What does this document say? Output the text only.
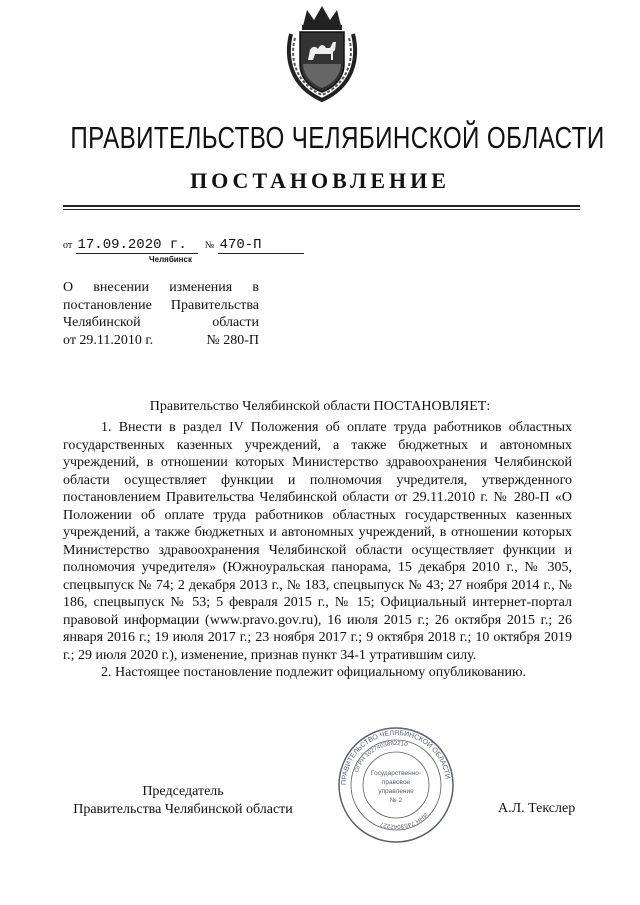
ПРАВИТЕЛЬСТВО ЧЕЛЯБИНСКОЙ ОБЛАСТИ
ПОСТАНОВЛЕНИЕ
от 17.09.2020 г. № 470-П
Челябинск
О внесении изменения в
постановление Правительства
Челябинской	области
от 29.11.2010 г.	№ 280-П
Правительство Челябинской области ПОСТАНОВЛЯЕТ:

1. Внести в раздел IV Положения об оплате труда работников областных государственных казенных учреждений, а также бюджетных и автономных учреждений, в отношении которых Министерство здравоохранения Челябинской области осуществляет функции и полномочия учредителя, утвержденного постановлением Правительства Челябинской области от 29.11.2010 г. № 280-П «О Положении об оплате труда работников областных государственных казенных учреждений, а также бюджетных и автономных учреждений, в отношении которых Министерство здравоохранения Челябинской области осуществляет функции и полномочия учредителя» (Южноуральская панорама, 15 декабря 2010 г., № 305, спецвыпуск № 74; 2 декабря 2013 г., № 183, спецвыпуск № 43; 27 ноября 2014 г., № 186, спецвыпуск № 53; 5 февраля 2015 г., № 15; Официальный интернет-портал правовой информации (www.pravo.gov.ru), 16 июля 2015 г.; 26 октября 2015 г.; 26 января 2016 г.; 19 июля 2017 г.; 23 ноября 2017 г.; 9 октября 2018 г.; 10 октября 2019 г.; 29 июля 2020 г.), изменение, признав пункт 34-1 утратившим силу.

2. Настоящее постановление подлежит официальному опубликованию.

Председатель
Правительства Челябинской области
ПРАВИТЕЛЬСТВО ЧЕЛЯБИНСКОЙ ОБЛАСТИ
ОГРН 1027403882210
ИНН 7453042227
Государственно-
правовое
управление
№ 2
А.Л. Текслер
